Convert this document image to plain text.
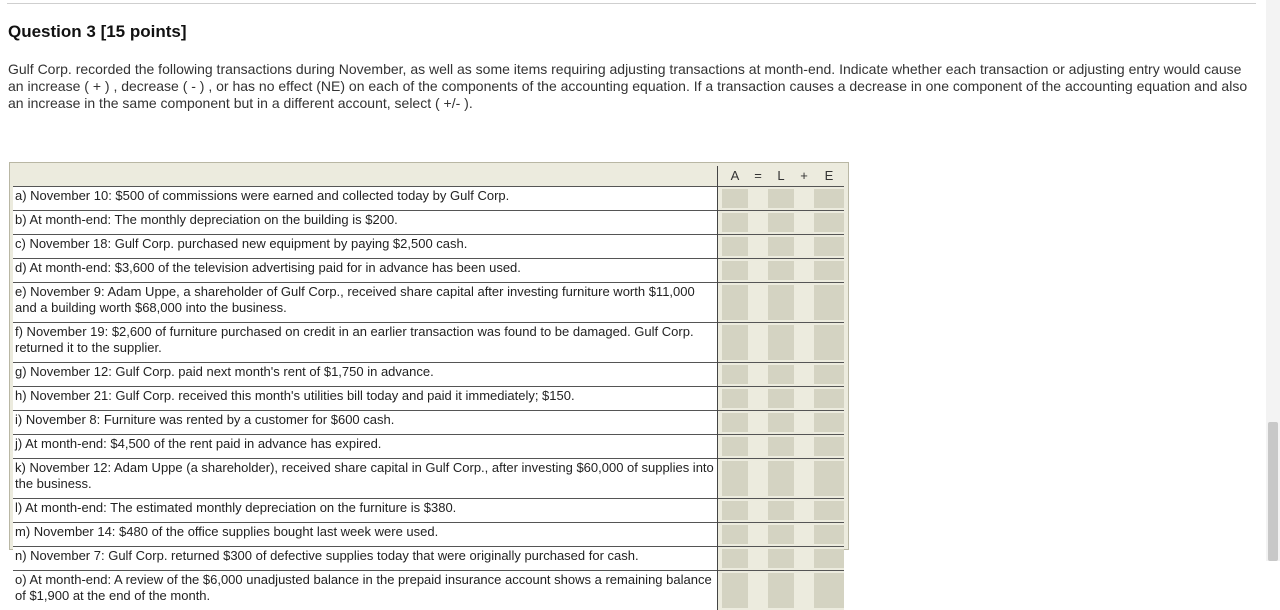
Question 3 [15 points]

Gulf Corp. recorded the following transactions during November, as well as some items requiring adjusting transactions at month-end. Indicate whether each transaction or adjusting entry would cause an increase ( + ) , decrease ( - ) , or has no effect (NE) on each of the components of the accounting equation. If a transaction causes a decrease in one component of the accounting equation and also an increase in the same component but in a different account, select ( +/- ).

		A	=	L	+	E
a) November 10: $500 of commissions were earned and collected today by Gulf Corp.		

b) At month-end: The monthly depreciation on the building is $200.		

c) November 18: Gulf Corp. purchased new equipment by paying $2,500 cash.		

d) At month-end: $3,600 of the television advertising paid for in advance has been used.		

e) November 9: Adam Uppe, a shareholder of Gulf Corp., received share capital after investing furniture worth $11,000 and a building worth $68,000 into the business.		

f) November 19: $2,600 of furniture purchased on credit in an earlier transaction was found to be damaged. Gulf Corp. returned it to the supplier.		

g) November 12: Gulf Corp. paid next month's rent of $1,750 in advance.		

h) November 21: Gulf Corp. received this month's utilities bill today and paid it immediately; $150.		

i) November 8: Furniture was rented by a customer for $600 cash.		

j) At month-end: $4,500 of the rent paid in advance has expired.		

k) November 12: Adam Uppe (a shareholder), received share capital in Gulf Corp., after investing $60,000 of supplies into the business.		

l) At month-end: The estimated monthly depreciation on the furniture is $380.		

m) November 14: $480 of the office supplies bought last week were used.		

n) November 7: Gulf Corp. returned $300 of defective supplies today that were originally purchased for cash.		

o) At month-end: A review of the $6,000 unadjusted balance in the prepaid insurance account shows a remaining balance of $1,900 at the end of the month.		
